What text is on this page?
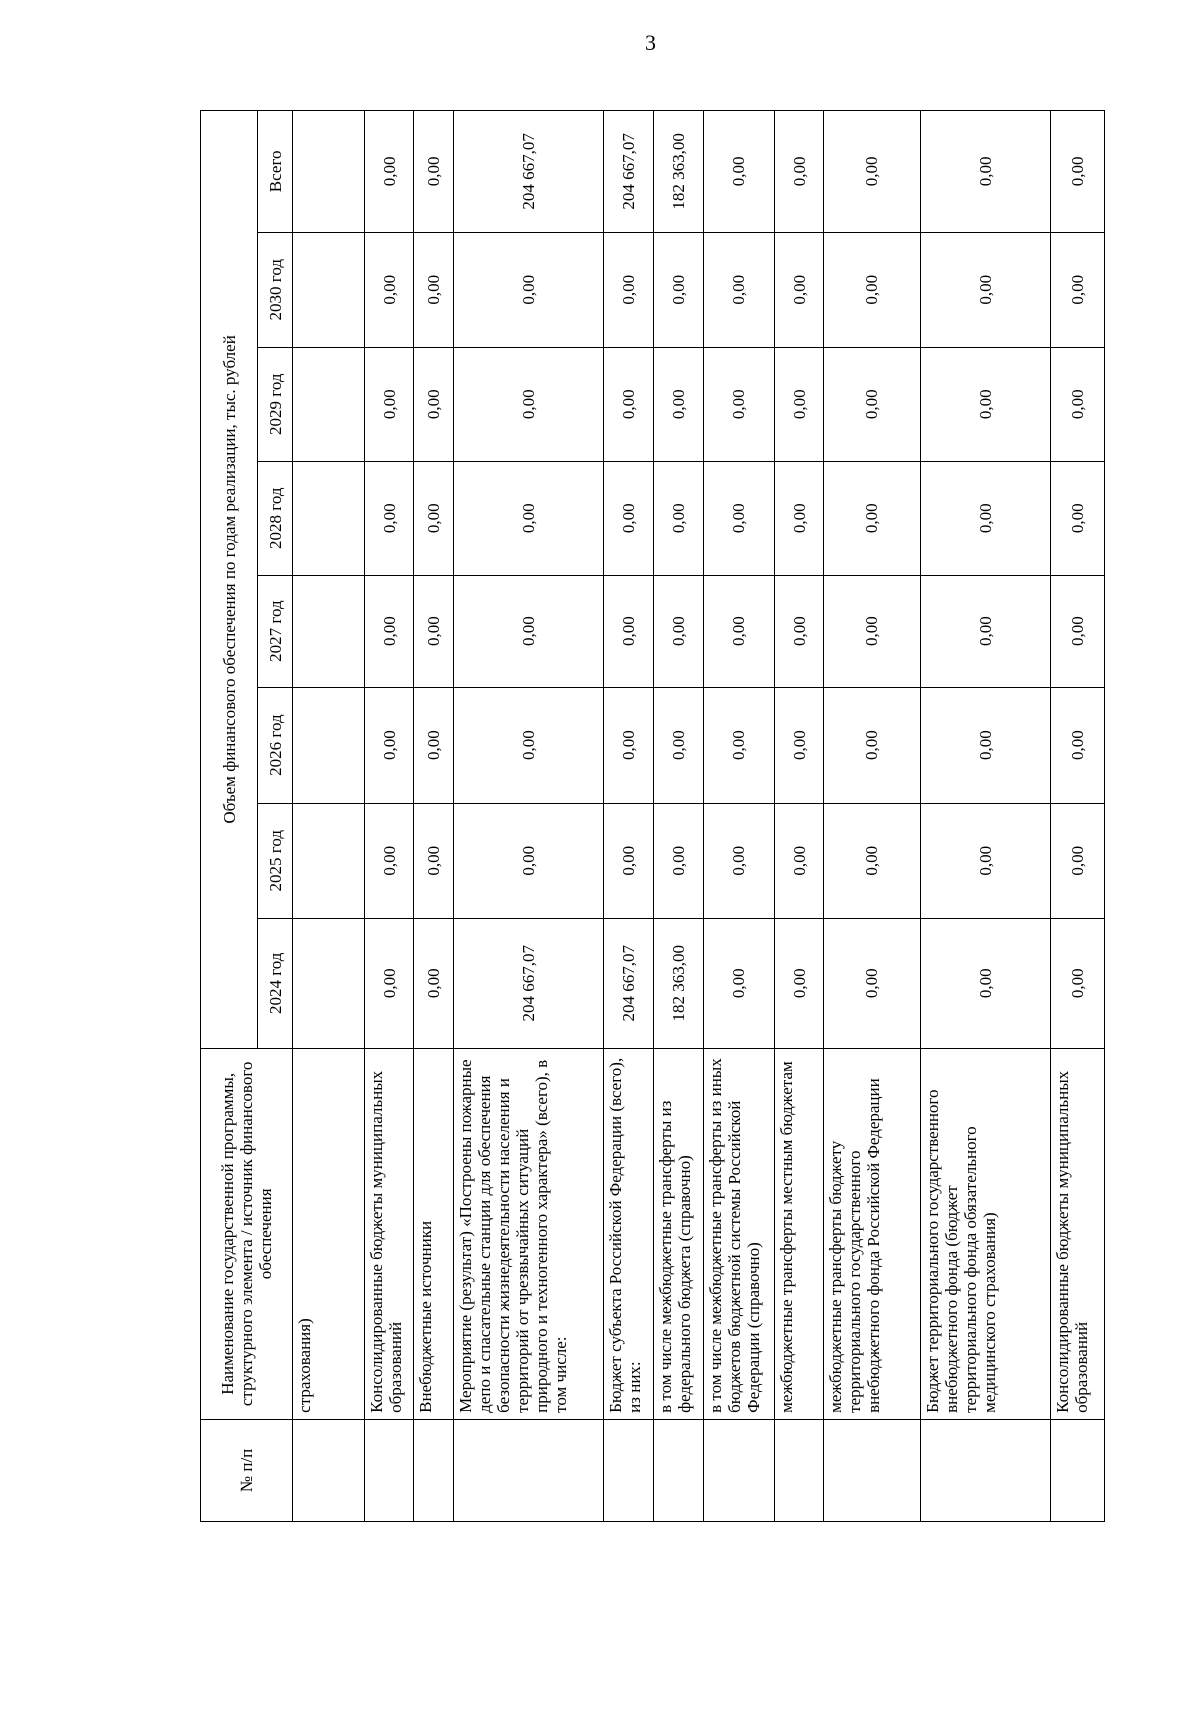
3
№ п/п	Наименование государственной программы, структурного элемента / источник финансового обеспечения	Объем финансового обеспечения по годам реализации, тыс. рублей							
		2024 год	2025 год	2026 год	2027 год	2028 год	2029 год	2030 год	Всего
	страхования)								
	Консолидированные бюджеты муниципальных образований	0,00	0,00	0,00	0,00	0,00	0,00	0,00	0,00
	Внебюджетные источники	0,00	0,00	0,00	0,00	0,00	0,00	0,00	0,00
	Мероприятие (результат) «Построены пожарные депо и спасательные станции для обеспечения безопасности жизнедеятельности населения и территорий от чрезвычайных ситуаций природного и техногенного характера» (всего), в том числе:	204 667,07	0,00	0,00	0,00	0,00	0,00	0,00	204 667,07
	Бюджет субъекта Российской Федерации (всего), из них:	204 667,07	0,00	0,00	0,00	0,00	0,00	0,00	204 667,07
	в том числе межбюджетные трансферты из федерального бюджета (справочно)	182 363,00	0,00	0,00	0,00	0,00	0,00	0,00	182 363,00
	в том числе межбюджетные трансферты из иных бюджетов бюджетной системы Российской Федерации (справочно)	0,00	0,00	0,00	0,00	0,00	0,00	0,00	0,00
	межбюджетные трансферты местным бюджетам	0,00	0,00	0,00	0,00	0,00	0,00	0,00	0,00
	межбюджетные трансферты бюджету территориального государственного внебюджетного фонда Российской Федерации	0,00	0,00	0,00	0,00	0,00	0,00	0,00	0,00
	Бюджет территориального государственного внебюджетного фонда (бюджет территориального фонда обязательного медицинского страхования)	0,00	0,00	0,00	0,00	0,00	0,00	0,00	0,00
	Консолидированные бюджеты муниципальных образований	0,00	0,00	0,00	0,00	0,00	0,00	0,00	0,00
